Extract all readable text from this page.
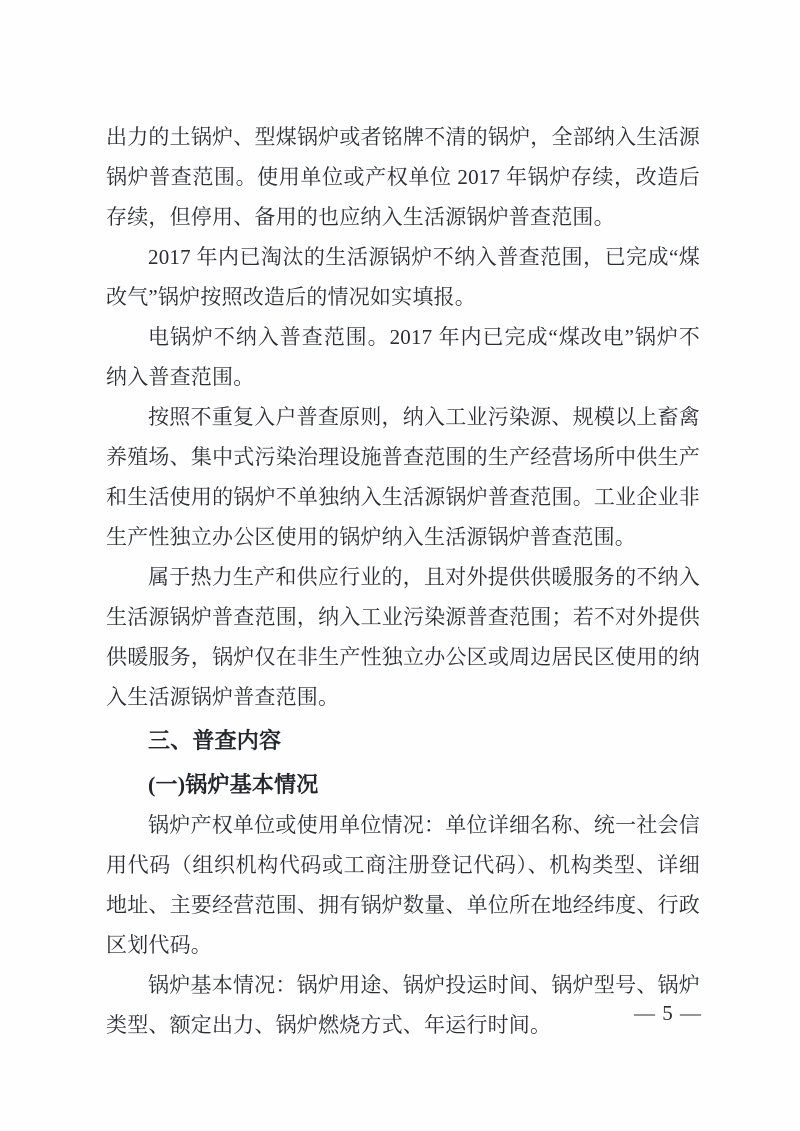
出力的土锅炉、型煤锅炉或者铭牌不清的锅炉，全部纳入生活源锅炉普查范围。使用单位或产权单位 2017 年锅炉存续，改造后存续，但停用、备用的也应纳入生活源锅炉普查范围。

2017 年内已淘汰的生活源锅炉不纳入普查范围，已完成“煤改气”锅炉按照改造后的情况如实填报。

电锅炉不纳入普查范围。2017 年内已完成“煤改电”锅炉不纳入普查范围。

按照不重复入户普查原则，纳入工业污染源、规模以上畜禽养殖场、集中式污染治理设施普查范围的生产经营场所中供生产和生活使用的锅炉不单独纳入生活源锅炉普查范围。工业企业非生产性独立办公区使用的锅炉纳入生活源锅炉普查范围。

属于热力生产和供应行业的，且对外提供供暖服务的不纳入生活源锅炉普查范围，纳入工业污染源普查范围；若不对外提供供暖服务，锅炉仅在非生产性独立办公区或周边居民区使用的纳入生活源锅炉普查范围。

三、普查内容

(一)锅炉基本情况

锅炉产权单位或使用单位情况：单位详细名称、统一社会信用代码（组织机构代码或工商注册登记代码）、机构类型、详细地址、主要经营范围、拥有锅炉数量、单位所在地经纬度、行政区划代码。

锅炉基本情况：锅炉用途、锅炉投运时间、锅炉型号、锅炉类型、额定出力、锅炉燃烧方式、年运行时间。	— 5 —
